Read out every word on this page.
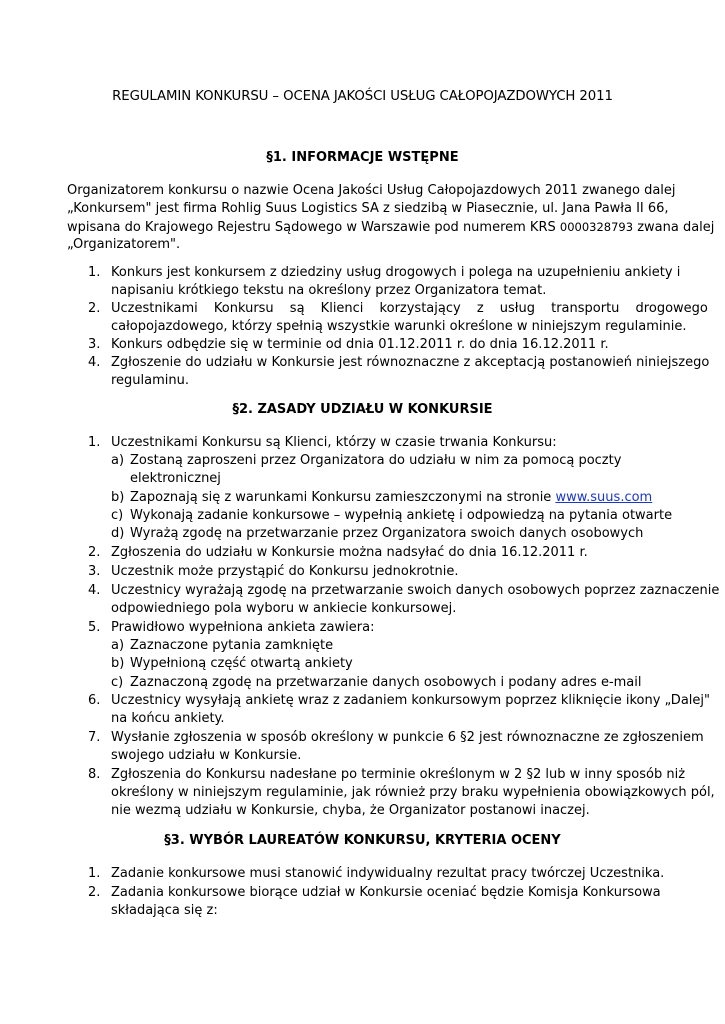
REGULAMIN KONKURSU – OCENA JAKOŚCI USŁUG CAŁOPOJAZDOWYCH 2011
§1. INFORMACJE WSTĘPNE
Organizatorem konkursu o nazwie Ocena Jakości Usług Całopojazdowych 2011 zwanego dalej
„Konkursem" jest firma Rohlig Suus Logistics SA z siedzibą w Piasecznie, ul. Jana Pawła II 66,
wpisana do Krajowego Rejestru Sądowego w Warszawie pod numerem KRS 0000328793 zwana dalej
„Organizatorem".
1. Konkurs jest konkursem z dziedziny usług drogowych i polega na uzupełnieniu ankiety i
napisaniu krótkiego tekstu na określony przez Organizatora temat.
2. Uczestnikami Konkursu są Klienci korzystający z usług transportu drogowego
całopojazdowego, którzy spełnią wszystkie warunki określone w niniejszym regulaminie.
3. Konkurs odbędzie się w terminie od dnia 01.12.2011 r. do dnia 16.12.2011 r.
4. Zgłoszenie do udziału w Konkursie jest równoznaczne z akceptacją postanowień niniejszego
regulaminu.
§2. ZASADY UDZIAŁU W KONKURSIE
1. Uczestnikami Konkursu są Klienci, którzy w czasie trwania Konkursu:
a) Zostaną zaproszeni przez Organizatora do udziału w nim za pomocą poczty
elektronicznej
b) Zapoznają się z warunkami Konkursu zamieszczonymi na stronie www.suus.com
c) Wykonają zadanie konkursowe – wypełnią ankietę i odpowiedzą na pytania otwarte
d) Wyrażą zgodę na przetwarzanie przez Organizatora swoich danych osobowych
2. Zgłoszenia do udziału w Konkursie można nadsyłać do dnia 16.12.2011 r.
3. Uczestnik może przystąpić do Konkursu jednokrotnie.
4. Uczestnicy wyrażają zgodę na przetwarzanie swoich danych osobowych poprzez zaznaczenie
odpowiedniego pola wyboru w ankiecie konkursowej.
5. Prawidłowo wypełniona ankieta zawiera:
a) Zaznaczone pytania zamknięte
b) Wypełnioną część otwartą ankiety
c) Zaznaczoną zgodę na przetwarzanie danych osobowych i podany adres e-mail
6. Uczestnicy wysyłają ankietę wraz z zadaniem konkursowym poprzez kliknięcie ikony „Dalej"
na końcu ankiety.
7. Wysłanie zgłoszenia w sposób określony w punkcie 6 §2 jest równoznaczne ze zgłoszeniem
swojego udziału w Konkursie.
8. Zgłoszenia do Konkursu nadesłane po terminie określonym w 2 §2 lub w inny sposób niż
określony w niniejszym regulaminie, jak również przy braku wypełnienia obowiązkowych pól,
nie wezmą udziału w Konkursie, chyba, że Organizator postanowi inaczej.
§3. WYBÓR LAUREATÓW KONKURSU, KRYTERIA OCENY
1. Zadanie konkursowe musi stanowić indywidualny rezultat pracy twórczej Uczestnika.
2. Zadania konkursowe biorące udział w Konkursie oceniać będzie Komisja Konkursowa
składająca się z:
